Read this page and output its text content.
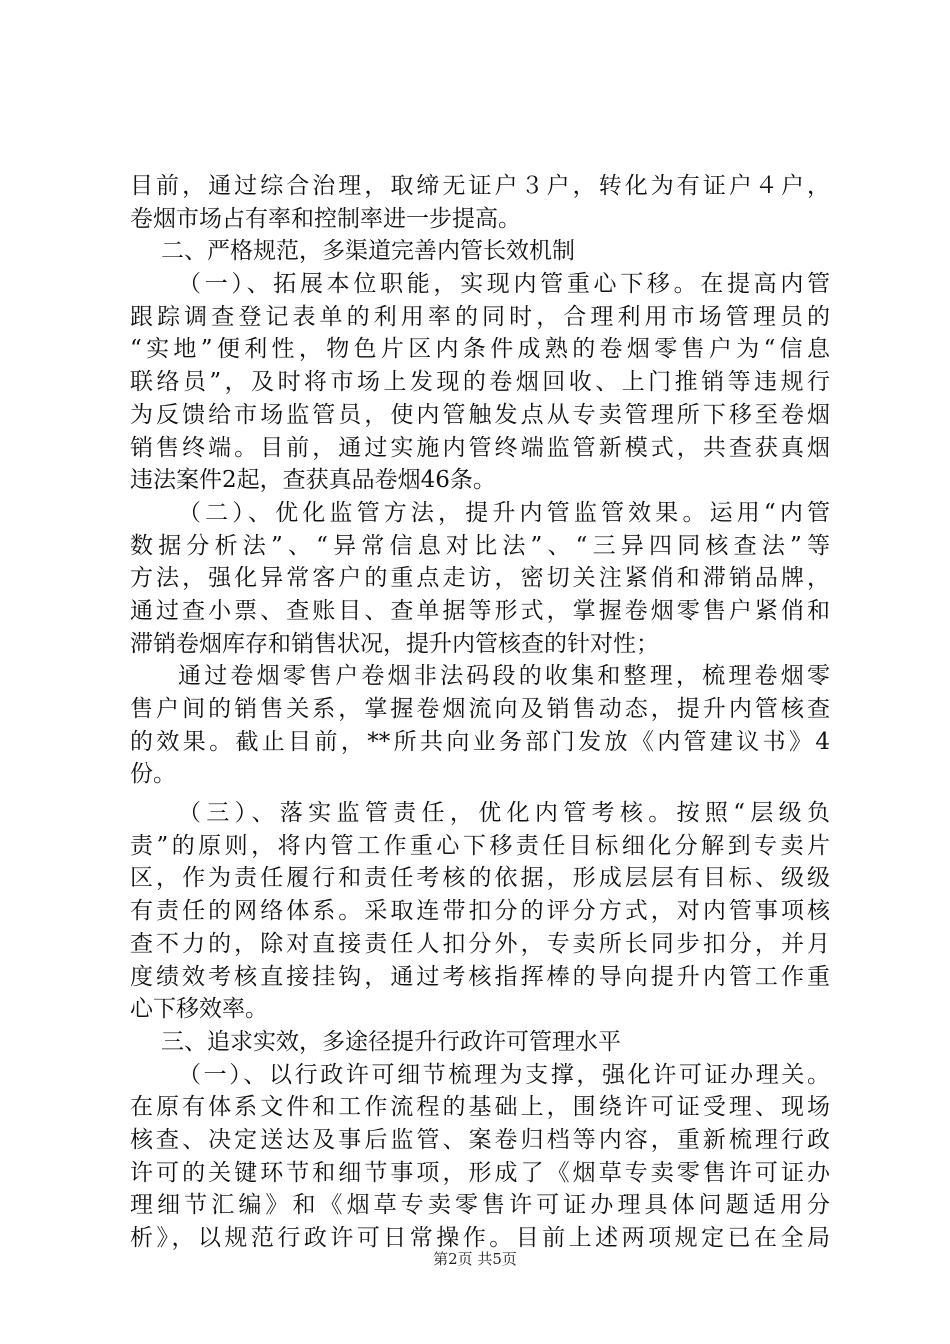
目前，通过综合治理，取缔无证户３户，转化为有证户４户，
卷烟市场占有率和控制率进一步提高。
二、严格规范，多渠道完善内管长效机制
（一）、拓展本位职能，实现内管重心下移。在提高内管
跟踪调查登记表单的利用率的同时，合理利用市场管理员的
“实地”便利性，物色片区内条件成熟的卷烟零售户为“信息
联络员”，及时将市场上发现的卷烟回收、上门推销等违规行
为反馈给市场监管员，使内管触发点从专卖管理所下移至卷烟
销售终端。目前，通过实施内管终端监管新模式，共查获真烟
违法案件2起，查获真品卷烟46条。
（二）、优化监管方法，提升内管监管效果。运用“内管
数据分析法”、“异常信息对比法”、“三异四同核查法”等
方法，强化异常客户的重点走访，密切关注紧俏和滞销品牌，
通过查小票、查账目、查单据等形式，掌握卷烟零售户紧俏和
滞销卷烟库存和销售状况，提升内管核查的针对性；
通过卷烟零售户卷烟非法码段的收集和整理，梳理卷烟零
售户间的销售关系，掌握卷烟流向及销售动态，提升内管核查
的效果。截止目前，**所共向业务部门发放《内管建议书》4
份。
（三）、落实监管责任，优化内管考核。按照“层级负
责”的原则，将内管工作重心下移责任目标细化分解到专卖片
区，作为责任履行和责任考核的依据，形成层层有目标、级级
有责任的网络体系。采取连带扣分的评分方式，对内管事项核
查不力的，除对直接责任人扣分外，专卖所长同步扣分，并月
度绩效考核直接挂钩，通过考核指挥棒的导向提升内管工作重
心下移效率。
三、追求实效，多途径提升行政许可管理水平
（一）、以行政许可细节梳理为支撑，强化许可证办理关。
在原有体系文件和工作流程的基础上，围绕许可证受理、现场
核查、决定送达及事后监管、案卷归档等内容，重新梳理行政
许可的关键环节和细节事项，形成了《烟草专卖零售许可证办
理细节汇编》和《烟草专卖零售许可证办理具体问题适用分
析》，以规范行政许可日常操作。目前上述两项规定已在全局
第2页 共5页
